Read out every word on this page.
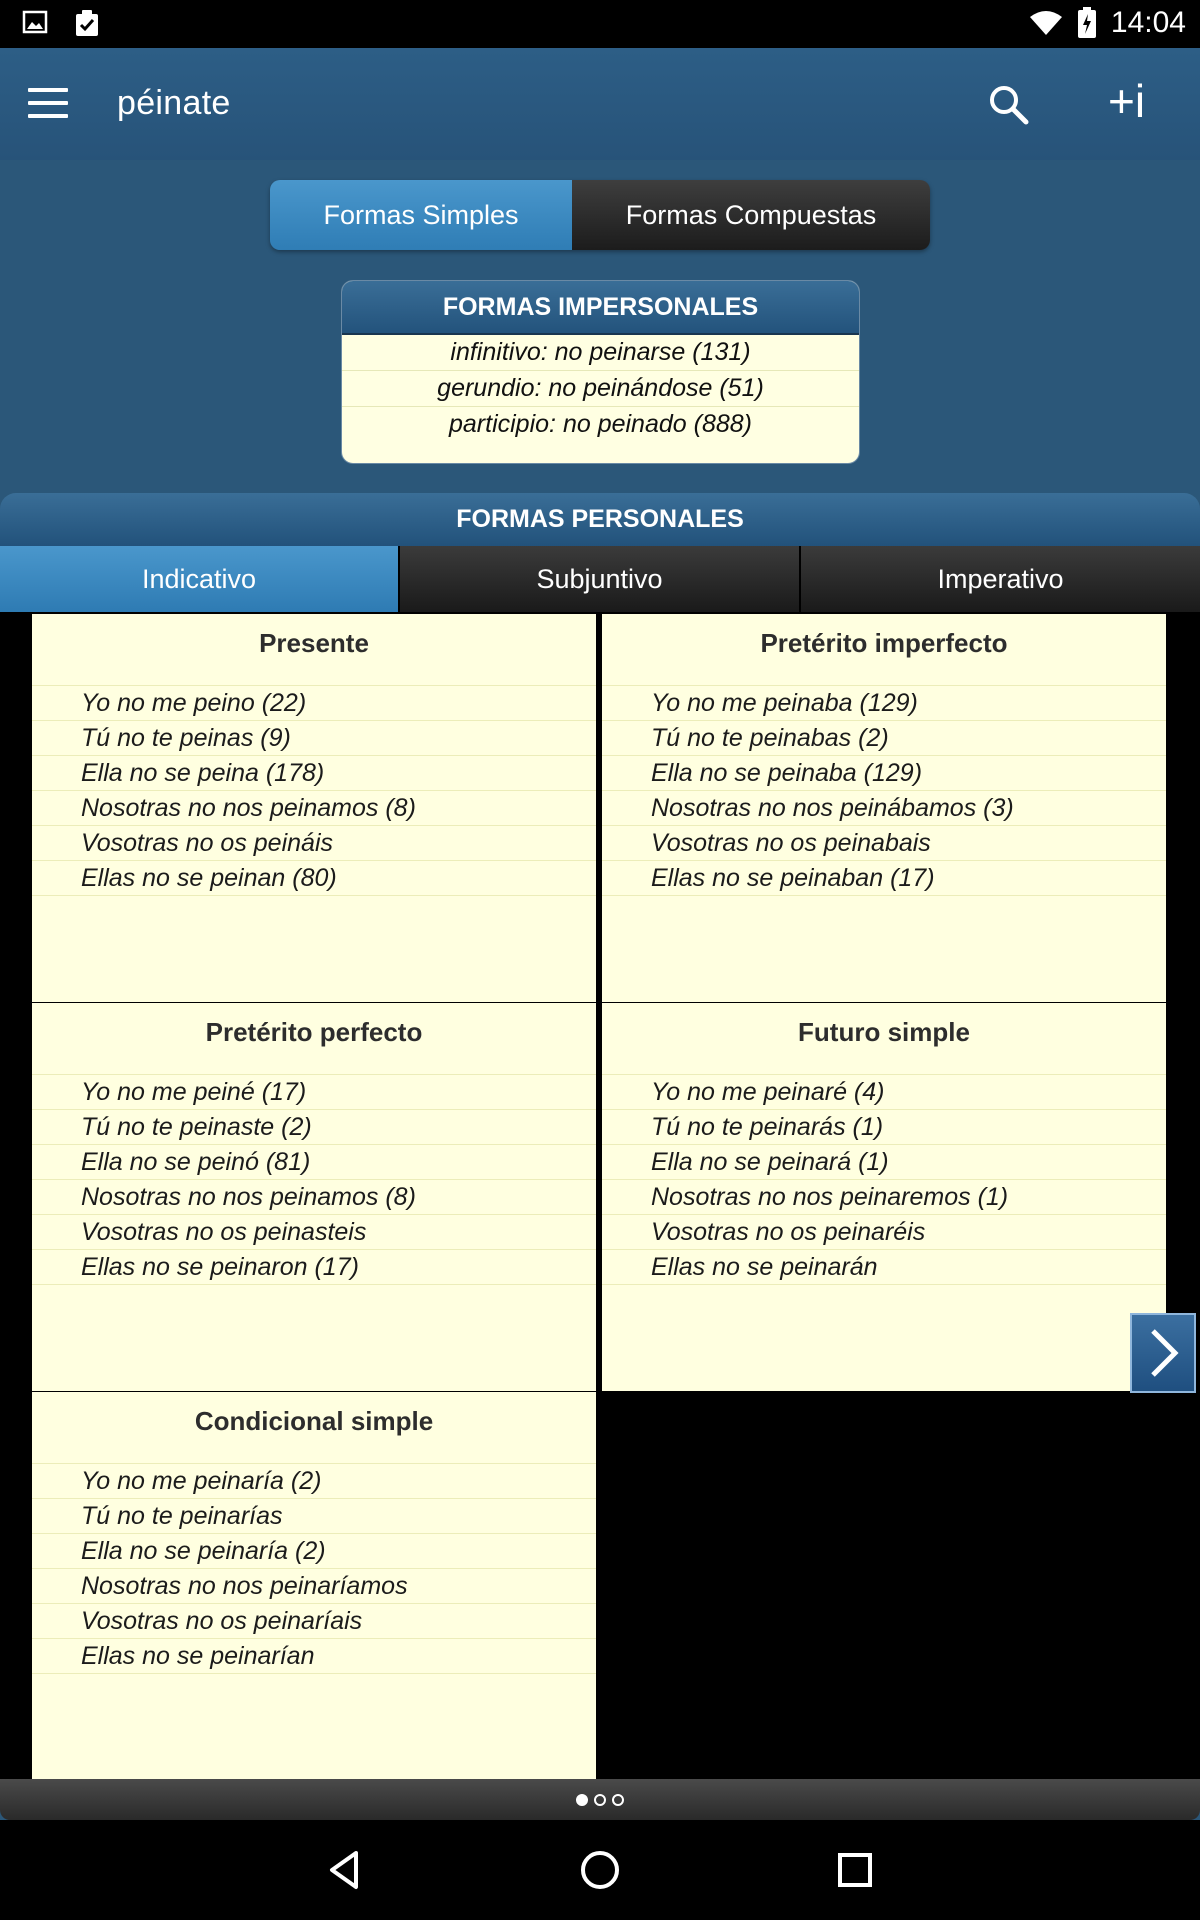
14:04
péinate	+i
Formas Simples	Formas Compuestas
FORMAS IMPERSONALES
infinitivo: no peinarse (131)
gerundio: no peinándose (51)
participio: no peinado (888)
FORMAS PERSONALES
Indicativo	Subjuntivo	Imperativo
Presente
Yo no me peino (22)
Tú no te peinas (9)
Ella no se peina (178)
Nosotras no nos peinamos (8)
Vosotras no os peináis
Ellas no se peinan (80)
Pretérito imperfecto
Yo no me peinaba (129)
Tú no te peinabas (2)
Ella no se peinaba (129)
Nosotras no nos peinábamos (3)
Vosotras no os peinabais
Ellas no se peinaban (17)
Pretérito perfecto
Yo no me peiné (17)
Tú no te peinaste (2)
Ella no se peinó (81)
Nosotras no nos peinamos (8)
Vosotras no os peinasteis
Ellas no se peinaron (17)
Futuro simple
Yo no me peinaré (4)
Tú no te peinarás (1)
Ella no se peinará (1)
Nosotras no nos peinaremos (1)
Vosotras no os peinaréis
Ellas no se peinarán
Condicional simple
Yo no me peinaría (2)
Tú no te peinarías
Ella no se peinaría (2)
Nosotras no nos peinaríamos
Vosotras no os peinaríais
Ellas no se peinarían
